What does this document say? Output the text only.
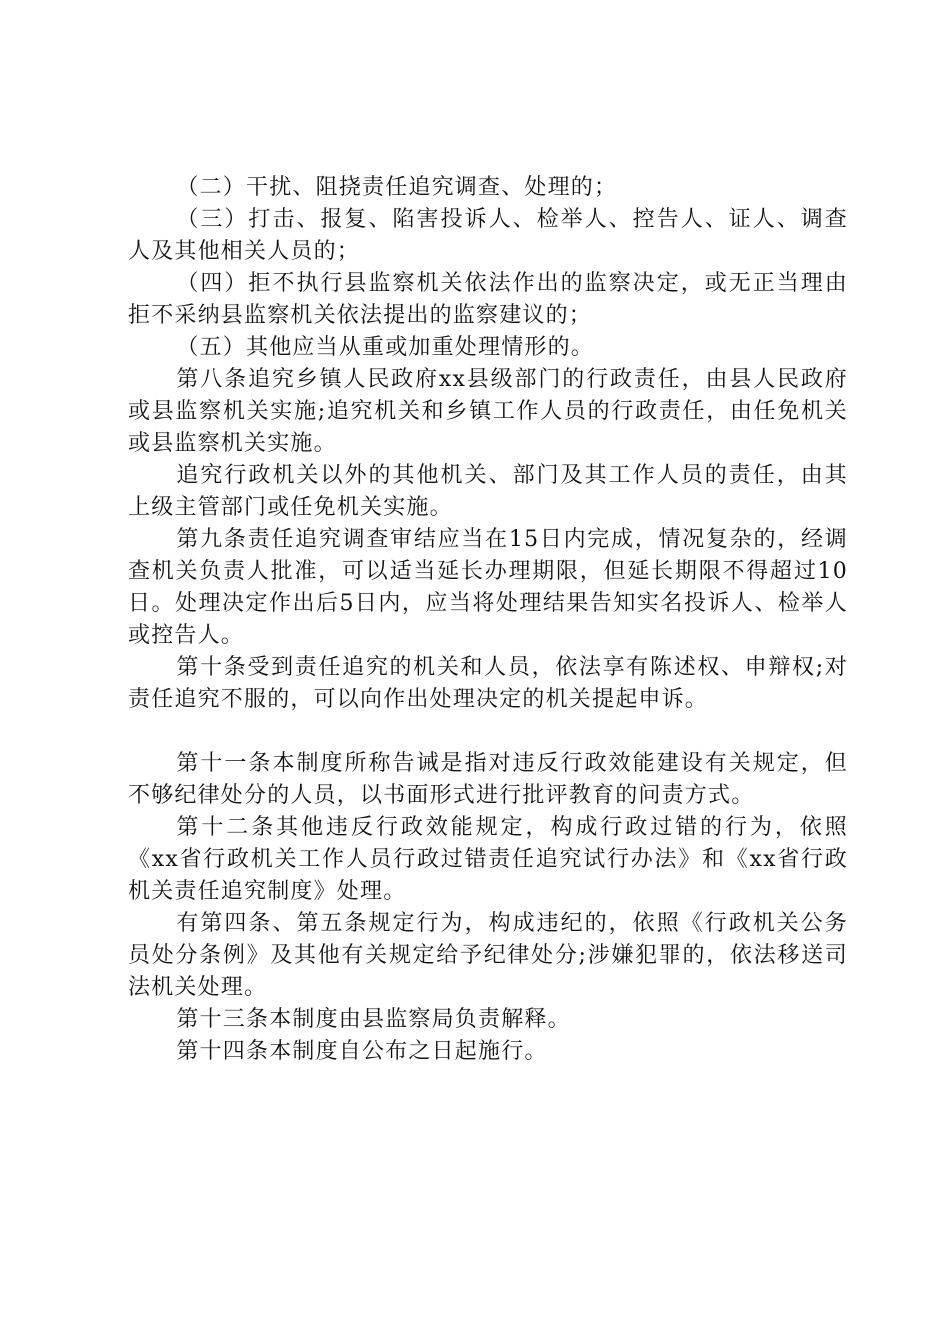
（二）干扰、阻挠责任追究调查、处理的；

（三）打击、报复、陷害投诉人、检举人、控告人、证人、调查人及其他相关人员的；

（四）拒不执行县监察机关依法作出的监察决定，或无正当理由拒不采纳县监察机关依法提出的监察建议的；

（五）其他应当从重或加重处理情形的。

第八条追究乡镇人民政府xx县级部门的行政责任，由县人民政府或县监察机关实施;追究机关和乡镇工作人员的行政责任，由任免机关或县监察机关实施。

追究行政机关以外的其他机关、部门及其工作人员的责任，由其上级主管部门或任免机关实施。

第九条责任追究调查审结应当在15日内完成，情况复杂的，经调查机关负责人批准，可以适当延长办理期限，但延长期限不得超过10日。处理决定作出后5日内，应当将处理结果告知实名投诉人、检举人或控告人。

第十条受到责任追究的机关和人员，依法享有陈述权、申辩权;对责任追究不服的，可以向作出处理决定的机关提起申诉。

第十一条本制度所称告诫是指对违反行政效能建设有关规定，但不够纪律处分的人员，以书面形式进行批评教育的问责方式。

第十二条其他违反行政效能规定，构成行政过错的行为，依照《xx省行政机关工作人员行政过错责任追究试行办法》和《xx省行政机关责任追究制度》处理。

有第四条、第五条规定行为，构成违纪的，依照《行政机关公务员处分条例》及其他有关规定给予纪律处分;涉嫌犯罪的，依法移送司法机关处理。

第十三条本制度由县监察局负责解释。

第十四条本制度自公布之日起施行。
